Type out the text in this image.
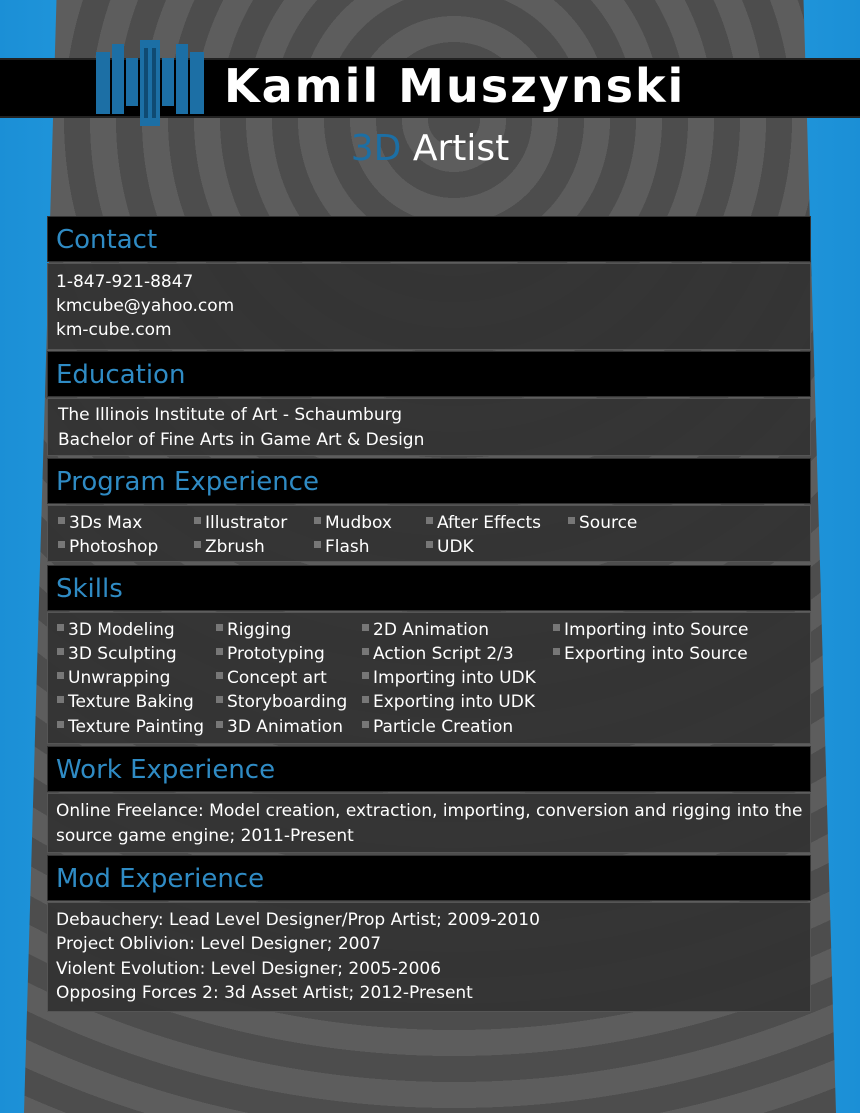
Kamil Muszynski
3D Artist
Contact
1-847-921-8847
kmcube@yahoo.com
km-cube.com
Education
The Illinois Institute of Art - Schaumburg
Bachelor of Fine Arts in Game Art & Design
Program Experience
3Ds Max
Photoshop
Illustrator
Zbrush
Mudbox
Flash
After Effects
UDK
Source
Skills
3D Modeling
3D Sculpting
Unwrapping
Texture Baking
Texture Painting
Rigging
Prototyping
Concept art
Storyboarding
3D Animation
2D Animation
Action Script 2/3
Importing into UDK
Exporting into UDK
Particle Creation
Importing into Source
Exporting into Source
Work Experience
Online Freelance: Model creation, extraction, importing, conversion and rigging into the
source game engine; 2011-Present
Mod Experience
Debauchery: Lead Level Designer/Prop Artist; 2009-2010
Project Oblivion: Level Designer; 2007
Violent Evolution: Level Designer; 2005-2006
Opposing Forces 2: 3d Asset Artist; 2012-Present
